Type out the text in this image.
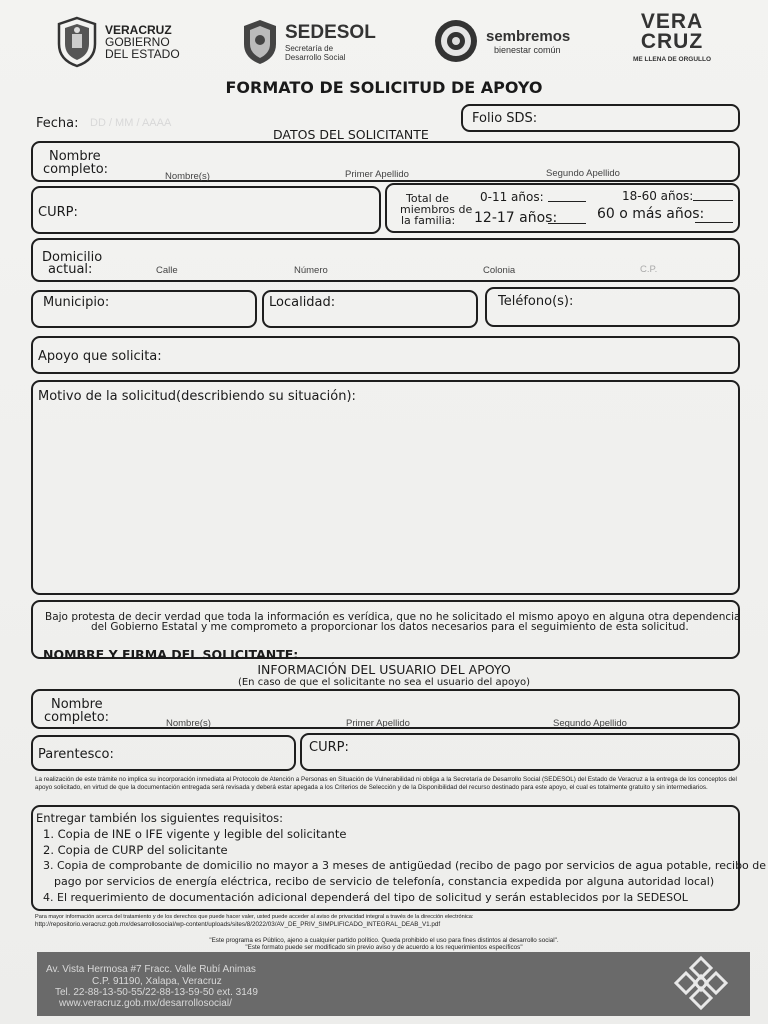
VERACRUZ
GOBIERNO
DEL ESTADO
SEDESOL
Secretaría de
Desarrollo Social
sembremos
bienestar común
VERA
CRUZ
ME LLENA DE ORGULLO
FORMATO DE SOLICITUD DE APOYO
Fecha: DD / MM / AAAA	Folio SDS:
DATOS DEL SOLICITANTE
Nombre
completo:	Nombre(s)	Primer Apellido	Segundo Apellido
CURP:
Total de
miembros de
la familia:
0-11 años:	18-60 años:
12-17 años:	60 o más años:
Domicilio
actual:	Calle	Número	Colonia	C.P.
Municipio:	Localidad:	Teléfono(s):
Apoyo que solicita:
Motivo de la solicitud(describiendo su situación):
Bajo protesta de decir verdad que toda la información es verídica, que no he solicitado el mismo apoyo en alguna otra dependencia
del Gobierno Estatal y me comprometo a proporcionar los datos necesarios para el seguimiento de esta solicitud.
NOMBRE Y FIRMA DEL SOLICITANTE:
INFORMACIÓN DEL USUARIO DEL APOYO
(En caso de que el solicitante no sea el usuario del apoyo)
Nombre
completo:	Nombre(s)	Primer Apellido	Segundo Apellido
Parentesco:	CURP:
La realización de este trámite no implica su incorporación inmediata al Protocolo de Atención a Personas en Situación de Vulnerabilidad ni obliga a la Secretaría de Desarrollo Social (SEDESOL) del Estado de Veracruz a la entrega de los conceptos del apoyo solicitado, en virtud de que la documentación entregada será revisada y deberá estar apegada a los Criterios de Selección y de la Disponibilidad del recurso destinado para este apoyo, el cual es totalmente gratuito y sin intermediarios.
Entregar también los siguientes requisitos:
1. Copia de INE o IFE vigente y legible del solicitante
2. Copia de CURP del solicitante
3. Copia de comprobante de domicilio no mayor a 3 meses de antigüedad (recibo de pago por servicios de agua potable, recibo de
pago por servicios de energía eléctrica, recibo de servicio de telefonía, constancia expedida por alguna autoridad local)
4. El requerimiento de documentación adicional dependerá del tipo de solicitud y serán establecidos por la SEDESOL
Para mayor información acerca del tratamiento y de los derechos que puede hacer valer, usted puede acceder al aviso de privacidad integral a través de la dirección electrónica:
http://repositorio.veracruz.gob.mx/desarrollosocial/wp-content/uploads/sites/8/2022/03/AV_DE_PRIV_SIMPLIFICADO_INTEGRAL_DEAB_V1.pdf
"Este programa es Público, ajeno a cualquier partido político. Queda prohibido el uso para fines distintos al desarrollo social".
"Este formato puede ser modificado sin previo aviso y de acuerdo a los requerimientos específicos"
Av. Vista Hermosa #7 Fracc. Valle Rubí Animas
C.P. 91190, Xalapa, Veracruz
Tel. 22-88-13-50-55/22-88-13-59-50 ext. 3149
www.veracruz.gob.mx/desarrollosocial/
